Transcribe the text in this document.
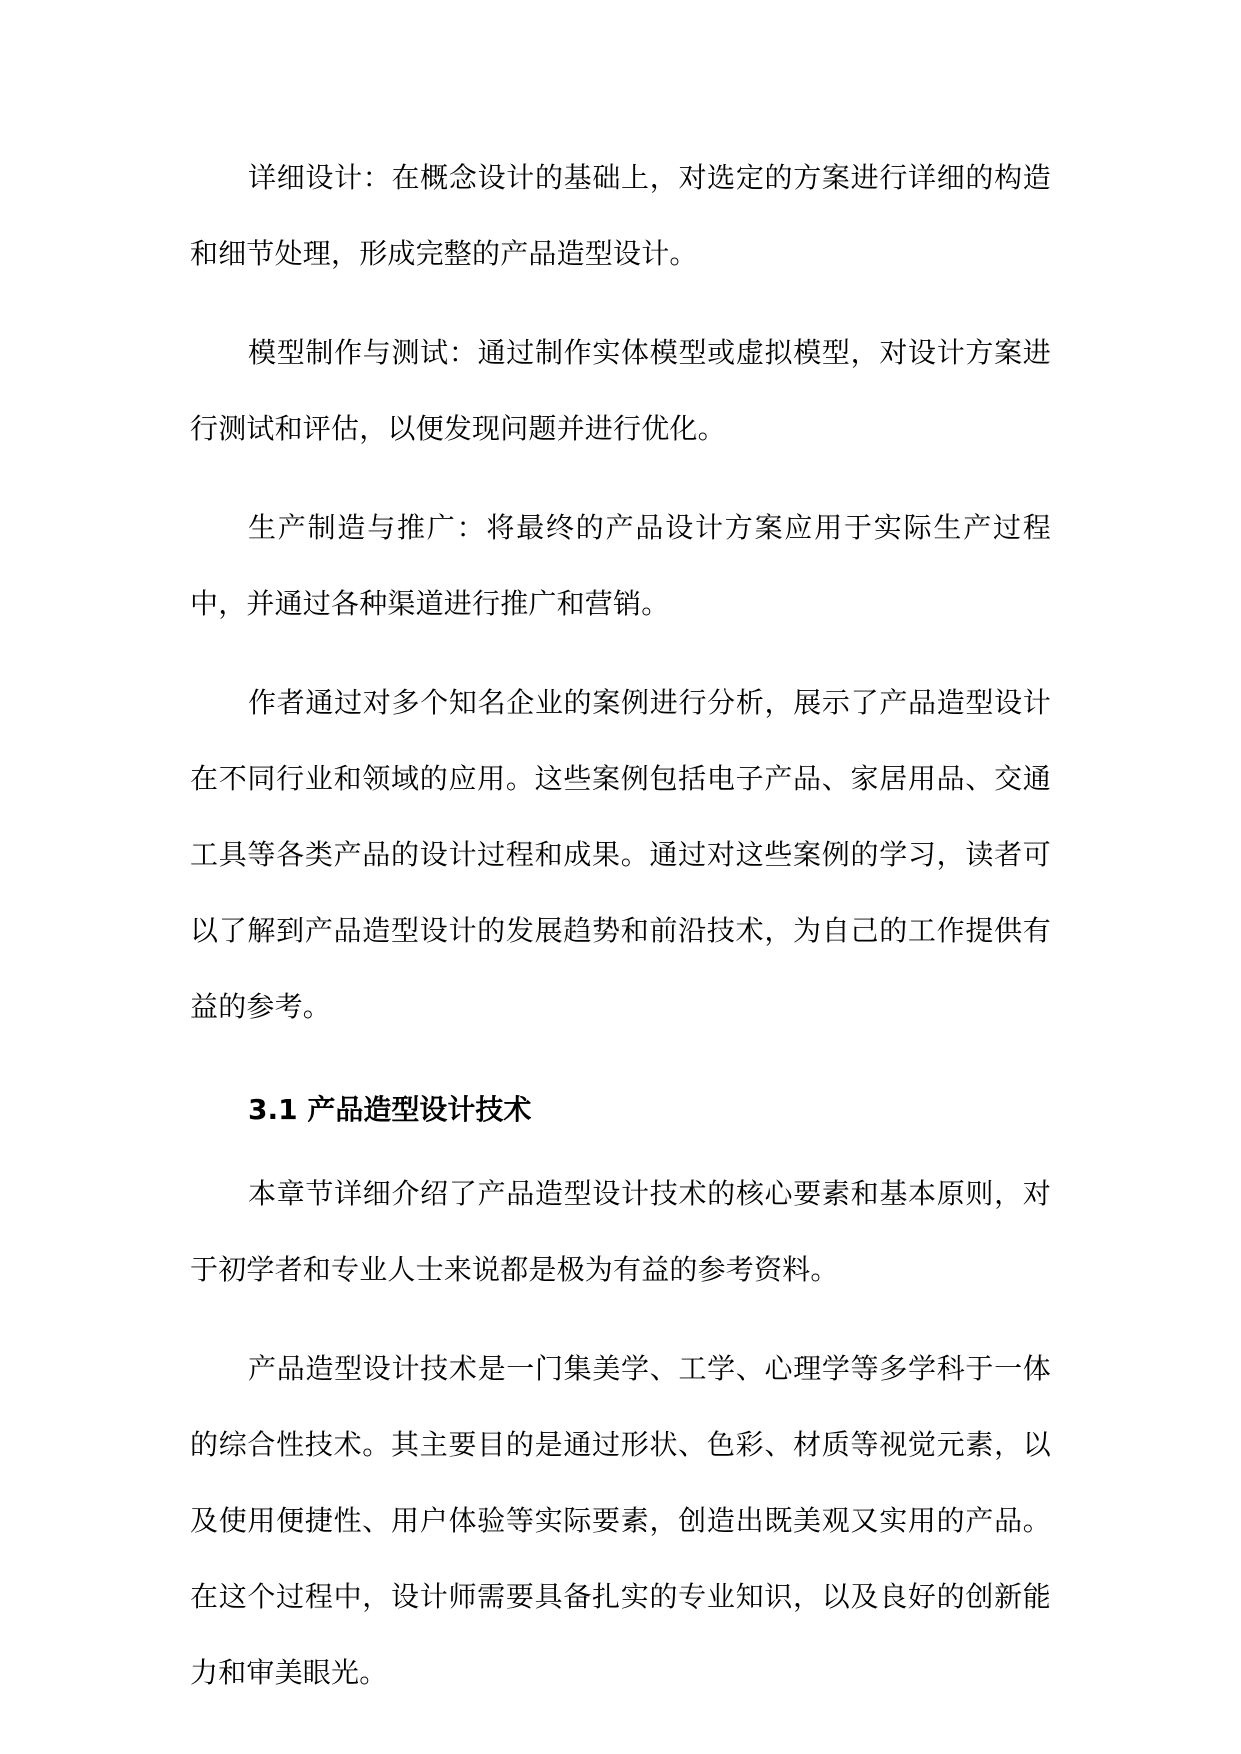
详细设计：在概念设计的基础上，对选定的方案进行详细的构造和细节处理，形成完整的产品造型设计。

模型制作与测试：通过制作实体模型或虚拟模型，对设计方案进行测试和评估，以便发现问题并进行优化。

生产制造与推广：将最终的产品设计方案应用于实际生产过程中，并通过各种渠道进行推广和营销。

作者通过对多个知名企业的案例进行分析，展示了产品造型设计在不同行业和领域的应用。这些案例包括电子产品、家居用品、交通工具等各类产品的设计过程和成果。通过对这些案例的学习，读者可以了解到产品造型设计的发展趋势和前沿技术，为自己的工作提供有益的参考。

3.1 产品造型设计技术

本章节详细介绍了产品造型设计技术的核心要素和基本原则，对于初学者和专业人士来说都是极为有益的参考资料。

产品造型设计技术是一门集美学、工学、心理学等多学科于一体的综合性技术。其主要目的是通过形状、色彩、材质等视觉元素，以及使用便捷性、用户体验等实际要素，创造出既美观又实用的产品。在这个过程中，设计师需要具备扎实的专业知识，以及良好的创新能力和审美眼光。
